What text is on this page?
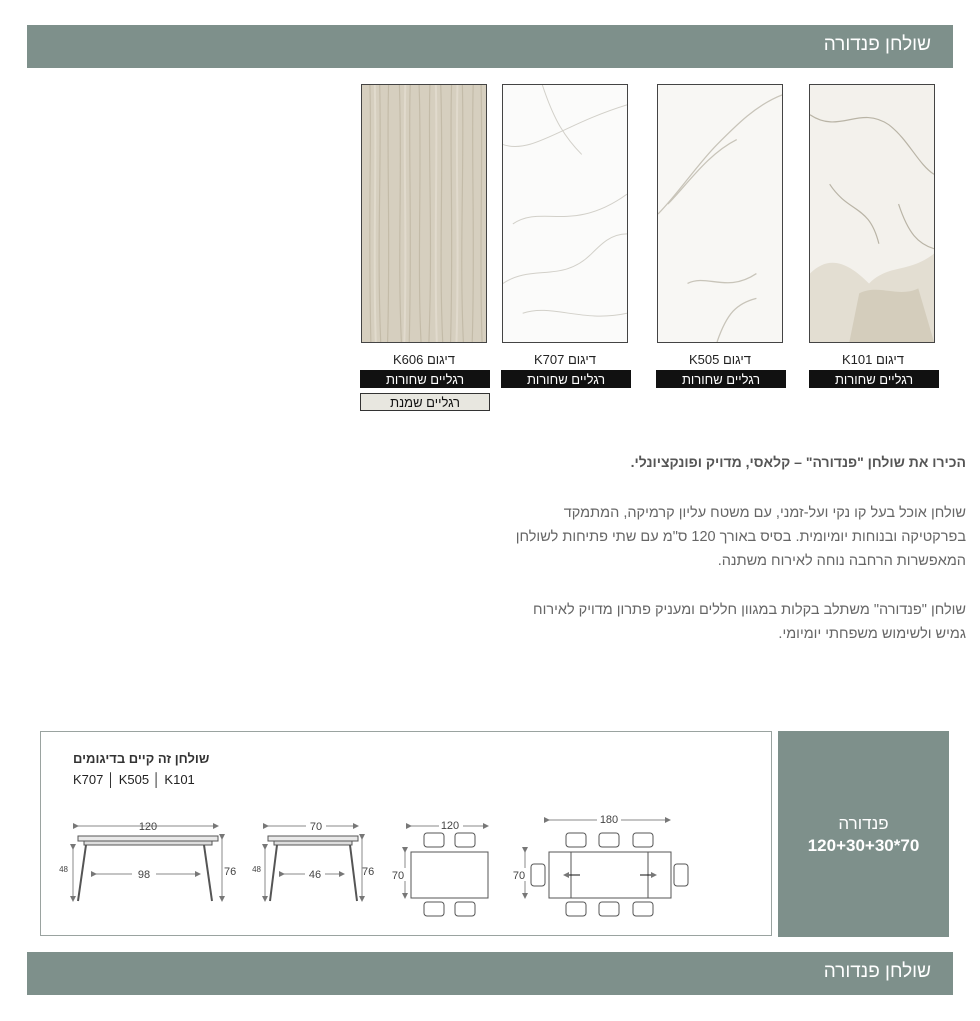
שולחן פנדורה
דיגום K606	דיגום K707	דיגום K505	דיגום K101
רגליים שחורות	רגליים שחורות	רגליים שחורות	רגליים שחורות
רגליים שמנת
הכירו את שולחן "פנדורה" – קלאסי, מדויק ופונקציונלי.
שולחן אוכל בעל קו נקי ועל-זמני, עם משטח עליון קרמיקה, המתמקד בפרקטיקה ובנוחות יומיומית. בסיס באורך 120 ס"מ עם שתי פתיחות לשולחן המאפשרות הרחבה נוחה לאירוח משתנה.
שולחן "פנדורה" משתלב בקלות במגוון חללים ומעניק פתרון מדויק לאירוח גמיש ולשימוש משפחתי יומיומי.
שולחן זה קיים בדיגומים
K707 │ K505 │ K101
120
98	76
48
70
46	76
48
120
70
180
70
פנדורה
120+30+30*70
שולחן פנדורה
